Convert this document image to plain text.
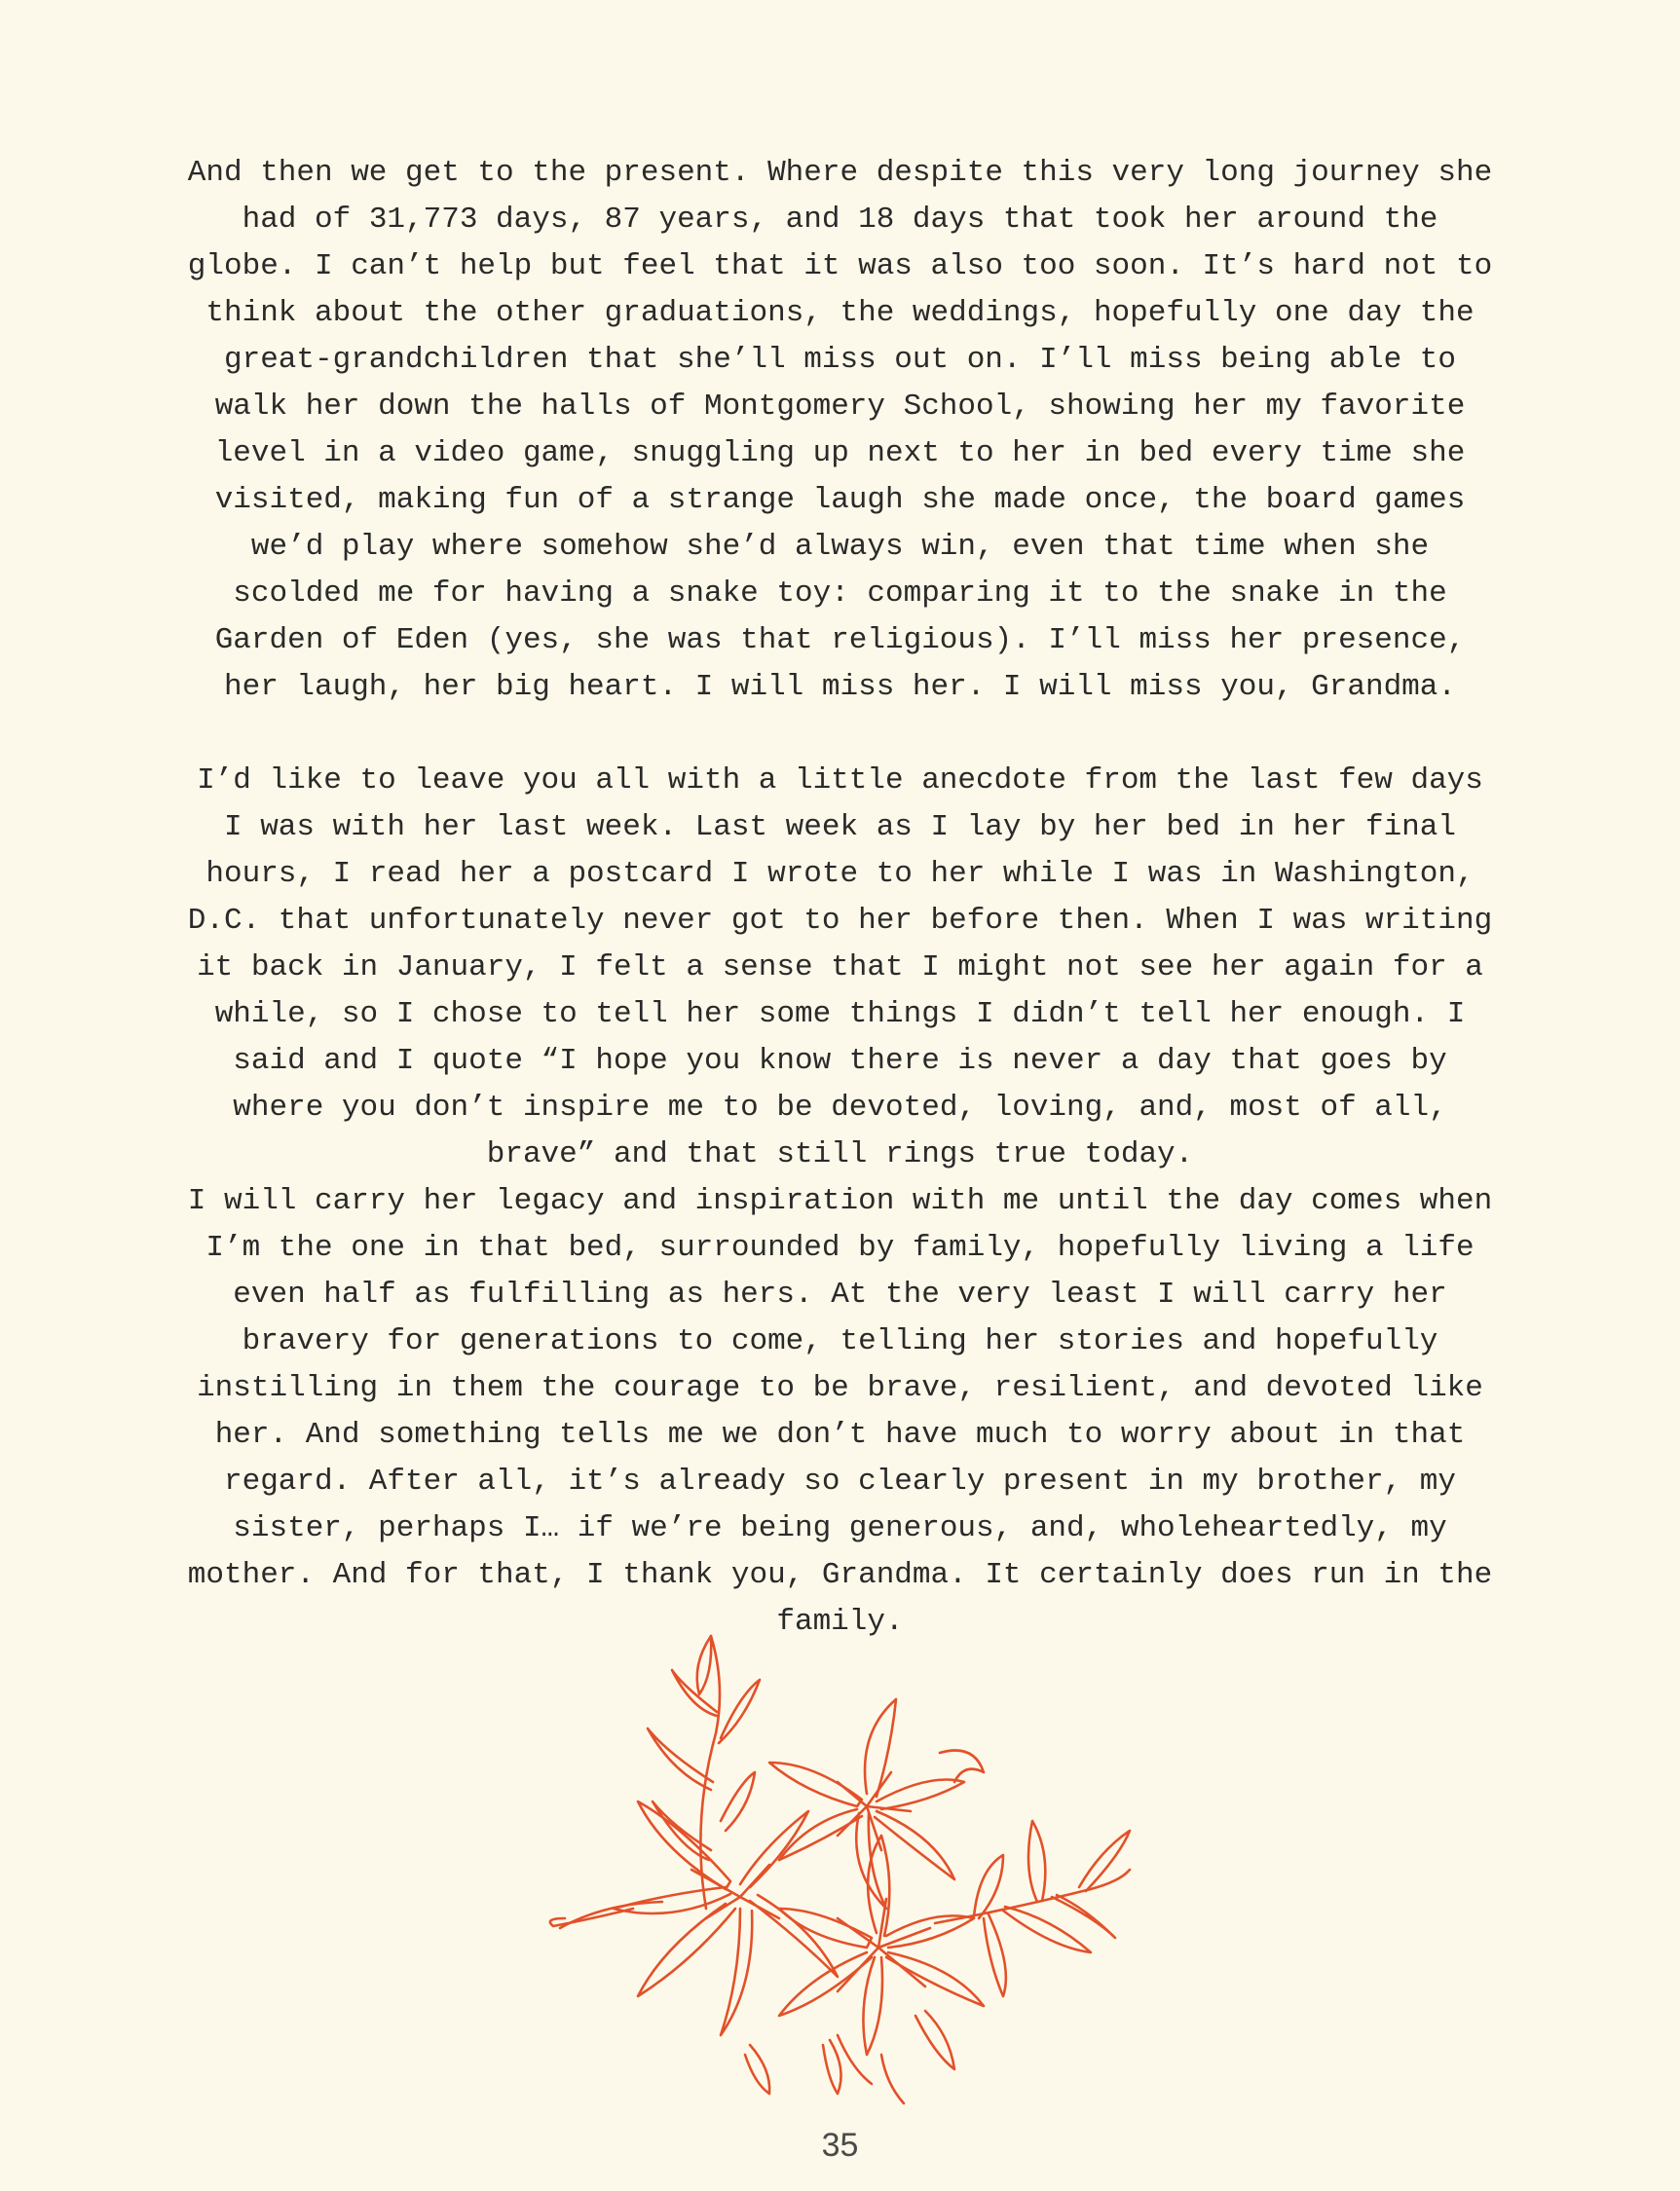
And then we get to the present. Where despite this very long journey she
had of 31,773 days, 87 years, and 18 days that took her around the
globe. I can’t help but feel that it was also too soon. It’s hard not to
think about the other graduations, the weddings, hopefully one day the
great-grandchildren that she’ll miss out on. I’ll miss being able to
walk her down the halls of Montgomery School, showing her my favorite
level in a video game, snuggling up next to her in bed every time she
visited, making fun of a strange laugh she made once, the board games
we’d play where somehow she’d always win, even that time when she
scolded me for having a snake toy: comparing it to the snake in the
Garden of Eden (yes, she was that religious). I’ll miss her presence,
her laugh, her big heart. I will miss her. I will miss you, Grandma.
I’d like to leave you all with a little anecdote from the last few days
I was with her last week. Last week as I lay by her bed in her final
hours, I read her a postcard I wrote to her while I was in Washington,
D.C. that unfortunately never got to her before then. When I was writing
it back in January, I felt a sense that I might not see her again for a
while, so I chose to tell her some things I didn’t tell her enough. I
said and I quote “I hope you know there is never a day that goes by
where you don’t inspire me to be devoted, loving, and, most of all,
brave” and that still rings true today.
I will carry her legacy and inspiration with me until the day comes when
I’m the one in that bed, surrounded by family, hopefully living a life
even half as fulfilling as hers. At the very least I will carry her
bravery for generations to come, telling her stories and hopefully
instilling in them the courage to be brave, resilient, and devoted like
her. And something tells me we don’t have much to worry about in that
regard. After all, it’s already so clearly present in my brother, my
sister, perhaps I… if we’re being generous, and, wholeheartedly, my
mother. And for that, I thank you, Grandma. It certainly does run in the
family.
35
